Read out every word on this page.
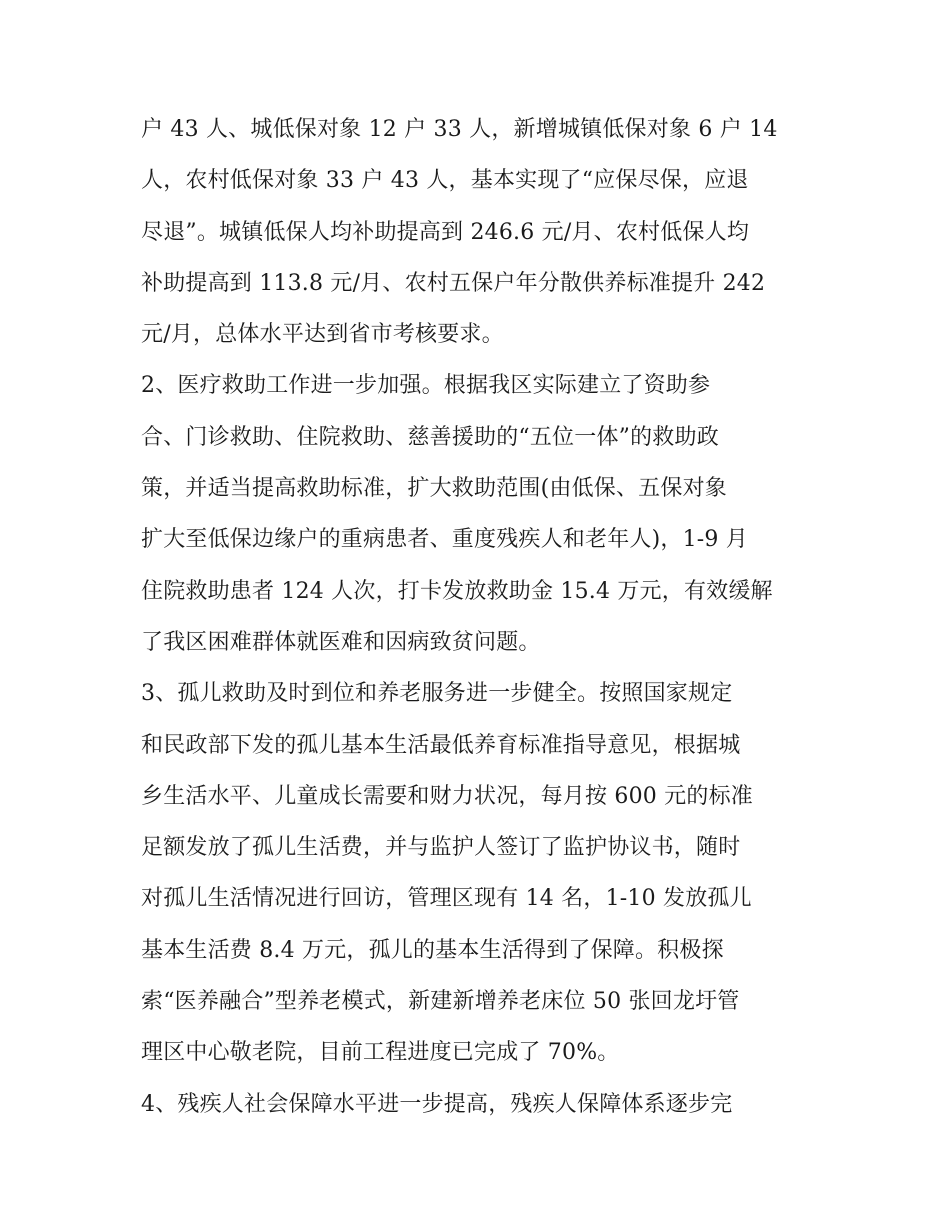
户 43 人、城低保对象 12 户 33 人，新增城镇低保对象 6 户 14
人，农村低保对象 33 户 43 人，基本实现了“应保尽保，应退
尽退”。城镇低保人均补助提高到 246.6 元/月、农村低保人均
补助提高到 113.8 元/月、农村五保户年分散供养标准提升 242
元/月，总体水平达到省市考核要求。
2、医疗救助工作进一步加强。根据我区实际建立了资助参
合、门诊救助、住院救助、慈善援助的“五位一体”的救助政
策，并适当提高救助标准，扩大救助范围(由低保、五保对象
扩大至低保边缘户的重病患者、重度残疾人和老年人)，1-9 月
住院救助患者 124 人次，打卡发放救助金 15.4 万元，有效缓解
了我区困难群体就医难和因病致贫问题。
3、孤儿救助及时到位和养老服务进一步健全。按照国家规定
和民政部下发的孤儿基本生活最低养育标准指导意见，根据城
乡生活水平、儿童成长需要和财力状况，每月按 600 元的标准
足额发放了孤儿生活费，并与监护人签订了监护协议书，随时
对孤儿生活情况进行回访，管理区现有 14 名，1-10 发放孤儿
基本生活费 8.4 万元，孤儿的基本生活得到了保障。积极探
索“医养融合”型养老模式，新建新增养老床位 50 张回龙圩管
理区中心敬老院，目前工程进度已完成了 70%。
4、残疾人社会保障水平进一步提高，残疾人保障体系逐步完
